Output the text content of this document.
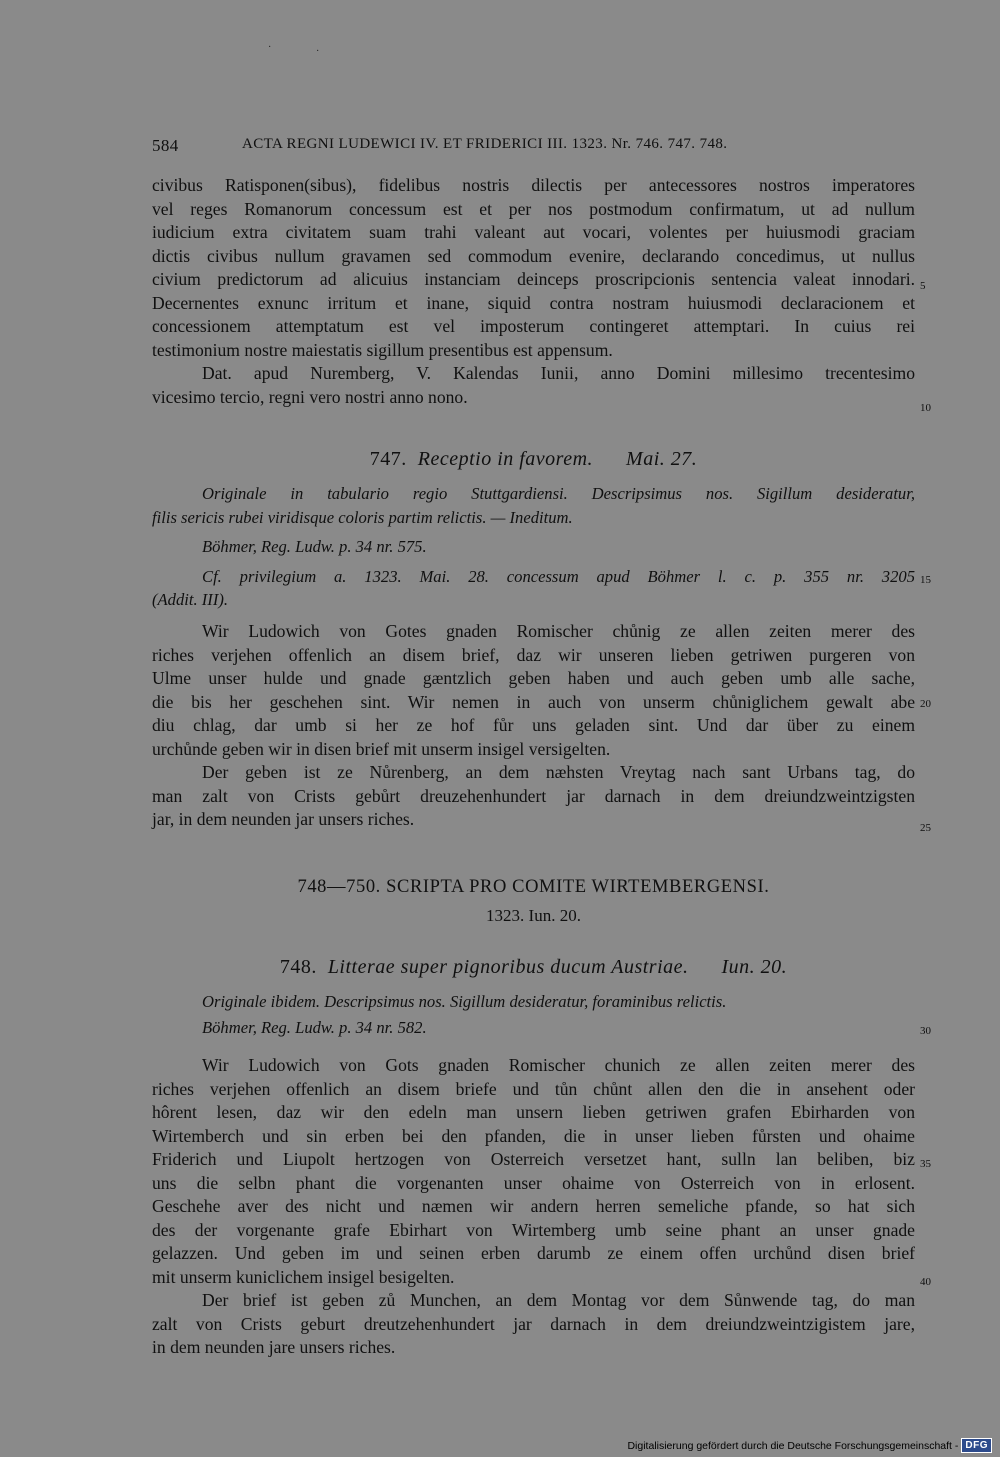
·	·
584	ACTA REGNI LUDEWICI IV. ET FRIDERICI III. 1323. Nr. 746. 747. 748.
civibus Ratisponen(sibus), fidelibus nostris dilectis per antecessores nostros imperatores
vel reges Romanorum concessum est et per nos postmodum confirmatum, ut ad nullum
iudicium extra civitatem suam trahi valeant aut vocari, volentes per huiusmodi graciam
dictis civibus nullum gravamen sed commodum evenire, declarando concedimus, ut nullus
civium predictorum ad alicuius instanciam deinceps proscripcionis sentencia valeat innodari.
Decernentes exnunc irritum et inane, siquid contra nostram huiusmodi declaracionem et
concessionem attemptatum est vel imposterum contingeret attemptari. In cuius rei
testimonium nostre maiestatis sigillum presentibus est appensum.
Dat. apud Nuremberg, V. Kalendas Iunii, anno Domini millesimo trecentesimo
vicesimo tercio, regni vero nostri anno nono.
747. Receptio in favorem. Mai. 27.
Originale in tabulario regio Stuttgardiensi. Descripsimus nos. Sigillum desideratur,
filis sericis rubei viridisque coloris partim relictis. — Ineditum.
Böhmer, Reg. Ludw. p. 34 nr. 575.
Cf. privilegium a. 1323. Mai. 28. concessum apud Böhmer l. c. p. 355 nr. 3205
(Addit. III).
Wir Ludowich von Gotes gnaden Romischer chůnig ze allen zeiten merer des
riches verjehen offenlich an disem brief, daz wir unseren lieben getriwen purgeren von
Ulme unser hulde und gnade gæntzlich geben haben und auch geben umb alle sache,
die bis her geschehen sint. Wir nemen in auch von unserm chůniglichem gewalt abe
diu chlag, dar umb si her ze hof fůr uns geladen sint. Und dar über zu einem
urchůnde geben wir in disen brief mit unserm insigel versigelten.
Der geben ist ze Nůrenberg, an dem næhsten Vreytag nach sant Urbans tag, do
man zalt von Crists gebůrt dreuzehenhundert jar darnach in dem dreiundzweintzigsten
jar, in dem neunden jar unsers riches.
748—750. SCRIPTA PRO COMITE WIRTEMBERGENSI.
1323. Iun. 20.
748. Litterae super pignoribus ducum Austriae. Iun. 20.
Originale ibidem. Descripsimus nos. Sigillum desideratur, foraminibus relictis.
Böhmer, Reg. Ludw. p. 34 nr. 582.
Wir Ludowich von Gots gnaden Romischer chunich ze allen zeiten merer des
riches verjehen offenlich an disem briefe und tůn chůnt allen den die in ansehent oder
hôrent lesen, daz wir den edeln man unsern lieben getriwen grafen Ebirharden von
Wirtemberch und sin erben bei den pfanden, die in unser lieben fůrsten und ohaime
Friderich und Liupolt hertzogen von Osterreich versetzet hant, sulln lan beliben, biz
uns die selbn phant die vorgenanten unser ohaime von Osterreich von in erlosent.
Geschehe aver des nicht und næmen wir andern herren semeliche pfande, so hat sich
des der vorgenante grafe Ebirhart von Wirtemberg umb seine phant an unser gnade
gelazzen. Und geben im und seinen erben darumb ze einem offen urchůnd disen brief
mit unserm kuniclichem insigel besigelten.
Der brief ist geben zů Munchen, an dem Montag vor dem Sůnwende tag, do man
zalt von Crists geburt dreutzehenhundert jar darnach in dem dreiundzweintzigistem jare,
in dem neunden jare unsers riches.
5
10
15
20
25
30
35
40
Digitalisierung gefördert durch die Deutsche Forschungsgemeinschaft - DFG
